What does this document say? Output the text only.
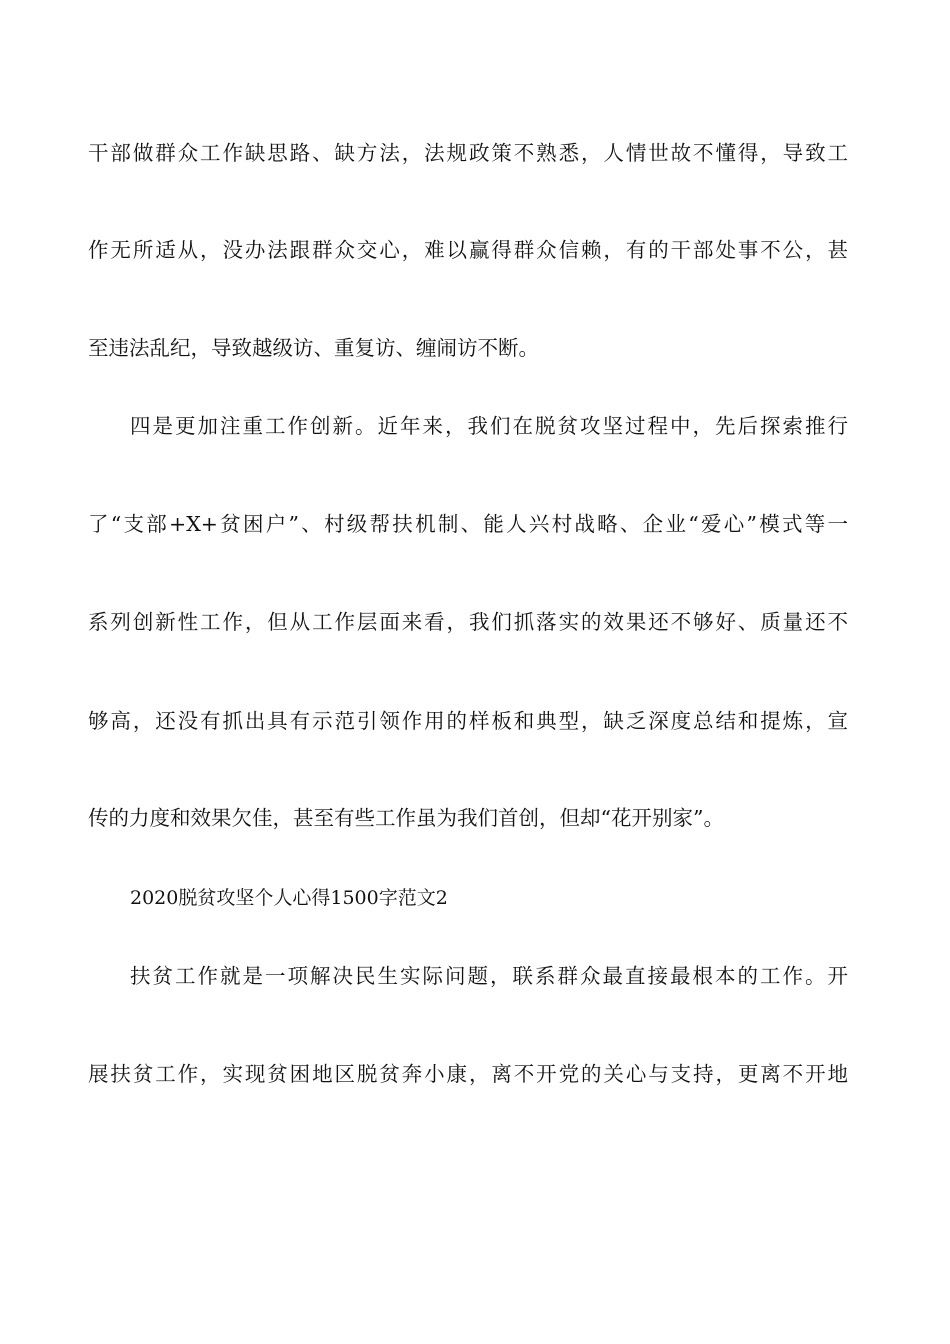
干部做群众工作缺思路、缺方法，法规政策不熟悉，人情世故不懂得，导致工
作无所适从，没办法跟群众交心，难以赢得群众信赖，有的干部处事不公，甚
至违法乱纪，导致越级访、重复访、缠闹访不断。
四是更加注重工作创新。近年来，我们在脱贫攻坚过程中，先后探索推行
了“支部+X+贫困户”、村级帮扶机制、能人兴村战略、企业“爱心”模式等一
系列创新性工作，但从工作层面来看，我们抓落实的效果还不够好、质量还不
够高，还没有抓出具有示范引领作用的样板和典型，缺乏深度总结和提炼，宣
传的力度和效果欠佳，甚至有些工作虽为我们首创，但却“花开别家”。
2020脱贫攻坚个人心得1500字范文2
扶贫工作就是一项解决民生实际问题，联系群众最直接最根本的工作。开
展扶贫工作，实现贫困地区脱贫奔小康，离不开党的关心与支持，更离不开地
